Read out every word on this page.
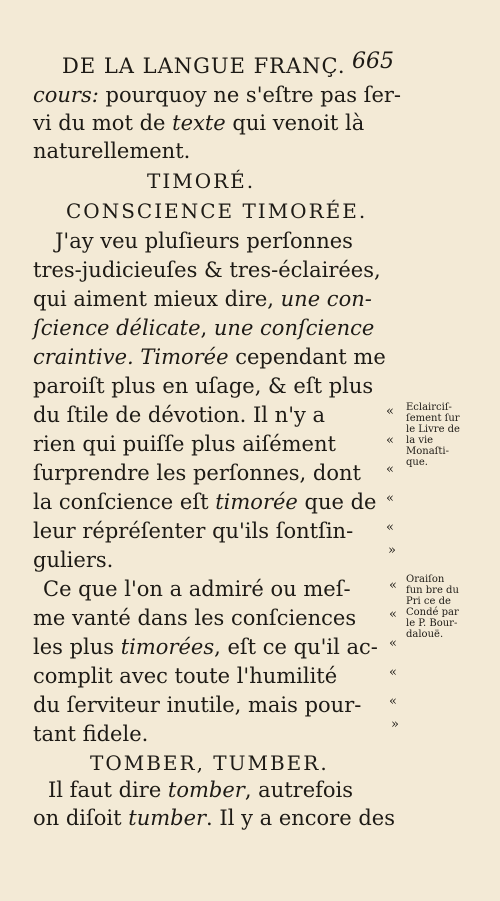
DE LA LANGUE FRANÇ. 665
cours: pourquoy ne s'eſtre pas ſer-
vi du mot de texte qui venoit là
naturellement.
TIMORÉ.
CONSCIENCE TIMORÉE.
J'ay veu pluſieurs perſonnes
tres-judicieuſes & tres-éclairées,
qui aiment mieux dire, une con-
ſcience délicate, une conſcience
craintive. Timorée cependant me
paroiſt plus en uſage, & eſt plus
du ſtile de dévotion. Il n'y a
rien qui puiſſe plus aiſément
ſurprendre les perſonnes, dont
la conſcience eſt timorée que de
leur répréſenter qu'ils ſontſin-
guliers.
Ce que l'on a admiré ou meſ-
me vanté dans les conſciences
les plus timorées, eſt ce qu'il ac-
complit avec toute l'humilité
du ſerviteur inutile, mais pour-
tant fidele.
TOMBER, TUMBER.
Il faut dire tomber, autrefois
on diſoit tumber. Il y a encore des
«
«
«
«
«
»
«
«
«
«
«
»
Eclairciſ-
ſement ſur
le Livre de
la vie
Monaſti-
que.
Oraiſon
fun bre du
Pri ce de
Condé par
le P. Bour-
dalouë.
